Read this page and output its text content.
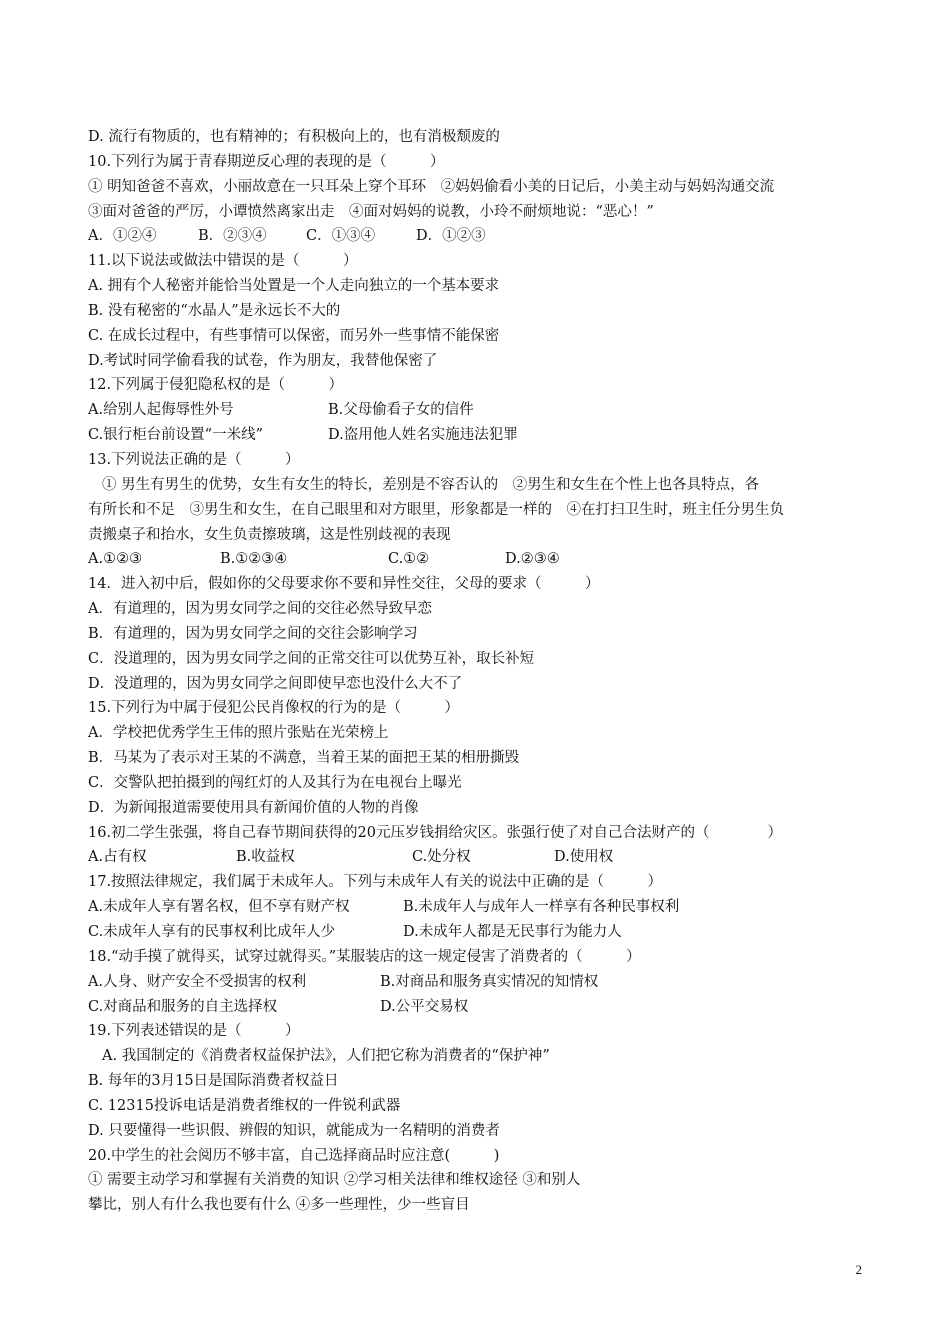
D. 流行有物质的，也有精神的；有积极向上的，也有消极颓废的
10.下列行为属于青春期逆反心理的表现的是（　　　）
① 明知爸爸不喜欢，小丽故意在一只耳朵上穿个耳环　②妈妈偷看小美的日记后，小美主动与妈妈沟通交流
③面对爸爸的严厉，小谭愤然离家出走　④面对妈妈的说教，小玲不耐烦地说：“恶心！”
A．①②④	B．②③④	C．①③④	D．①②③
11.以下说法或做法中错误的是（　　　）
A. 拥有个人秘密并能恰当处置是一个人走向独立的一个基本要求
B. 没有秘密的“水晶人”是永远长不大的
C. 在成长过程中，有些事情可以保密，而另外一些事情不能保密
D.考试时同学偷看我的试卷，作为朋友，我替他保密了
12.下列属于侵犯隐私权的是（　　　）
A.给别人起侮辱性外号	B.父母偷看子女的信件
C.银行柜台前设置“一米线”	D.盗用他人姓名实施违法犯罪
13.下列说法正确的是（　　　）
① 男生有男生的优势，女生有女生的特长，差别是不容否认的　②男生和女生在个性上也各具特点，各
有所长和不足　③男生和女生，在自己眼里和对方眼里，形象都是一样的　④在打扫卫生时，班主任分男生负
责搬桌子和抬水，女生负责擦玻璃，这是性别歧视的表现
A.①②③	B.①②③④	C.①②	D.②③④
14．进入初中后，假如你的父母要求你不要和异性交往，父母的要求（　　　）
A．有道理的，因为男女同学之间的交往必然导致早恋
B．有道理的，因为男女同学之间的交往会影响学习
C．没道理的，因为男女同学之间的正常交往可以优势互补，取长补短
D．没道理的，因为男女同学之间即使早恋也没什么大不了
15.下列行为中属于侵犯公民肖像权的行为的是（　　　）
A．学校把优秀学生王伟的照片张贴在光荣榜上
B．马某为了表示对王某的不满意，当着王某的面把王某的相册撕毁
C．交警队把拍摄到的闯红灯的人及其行为在电视台上曝光
D．为新闻报道需要使用具有新闻价值的人物的肖像
16.初二学生张强，将自己春节期间获得的20元压岁钱捐给灾区。张强行使了对自己合法财产的（　　　　）
A.占有权	B.收益权	C.处分权	D.使用权
17.按照法律规定，我们属于未成年人。下列与未成年人有关的说法中正确的是（　　　）
A.未成年人享有署名权，但不享有财产权	B.未成年人与成年人一样享有各种民事权利
C.未成年人享有的民事权利比成年人少	D.未成年人都是无民事行为能力人
18.“动手摸了就得买，试穿过就得买。”某服装店的这一规定侵害了消费者的（　　　）
A.人身、财产安全不受损害的权利	B.对商品和服务真实情况的知情权
C.对商品和服务的自主选择权	D.公平交易权
19.下列表述错误的是（　　　）
A. 我国制定的《消费者权益保护法》，人们把它称为消费者的“保护神”
B. 每年的3月15日是国际消费者权益日
C. 12315投诉电话是消费者维权的一件锐利武器
D. 只要懂得一些识假、辨假的知识，就能成为一名精明的消费者
20.中学生的社会阅历不够丰富，自己选择商品时应注意(　　　)
① 需要主动学习和掌握有关消费的知识 ②学习相关法律和维权途径 ③和别人
攀比，别人有什么我也要有什么 ④多一些理性，少一些盲目
2
